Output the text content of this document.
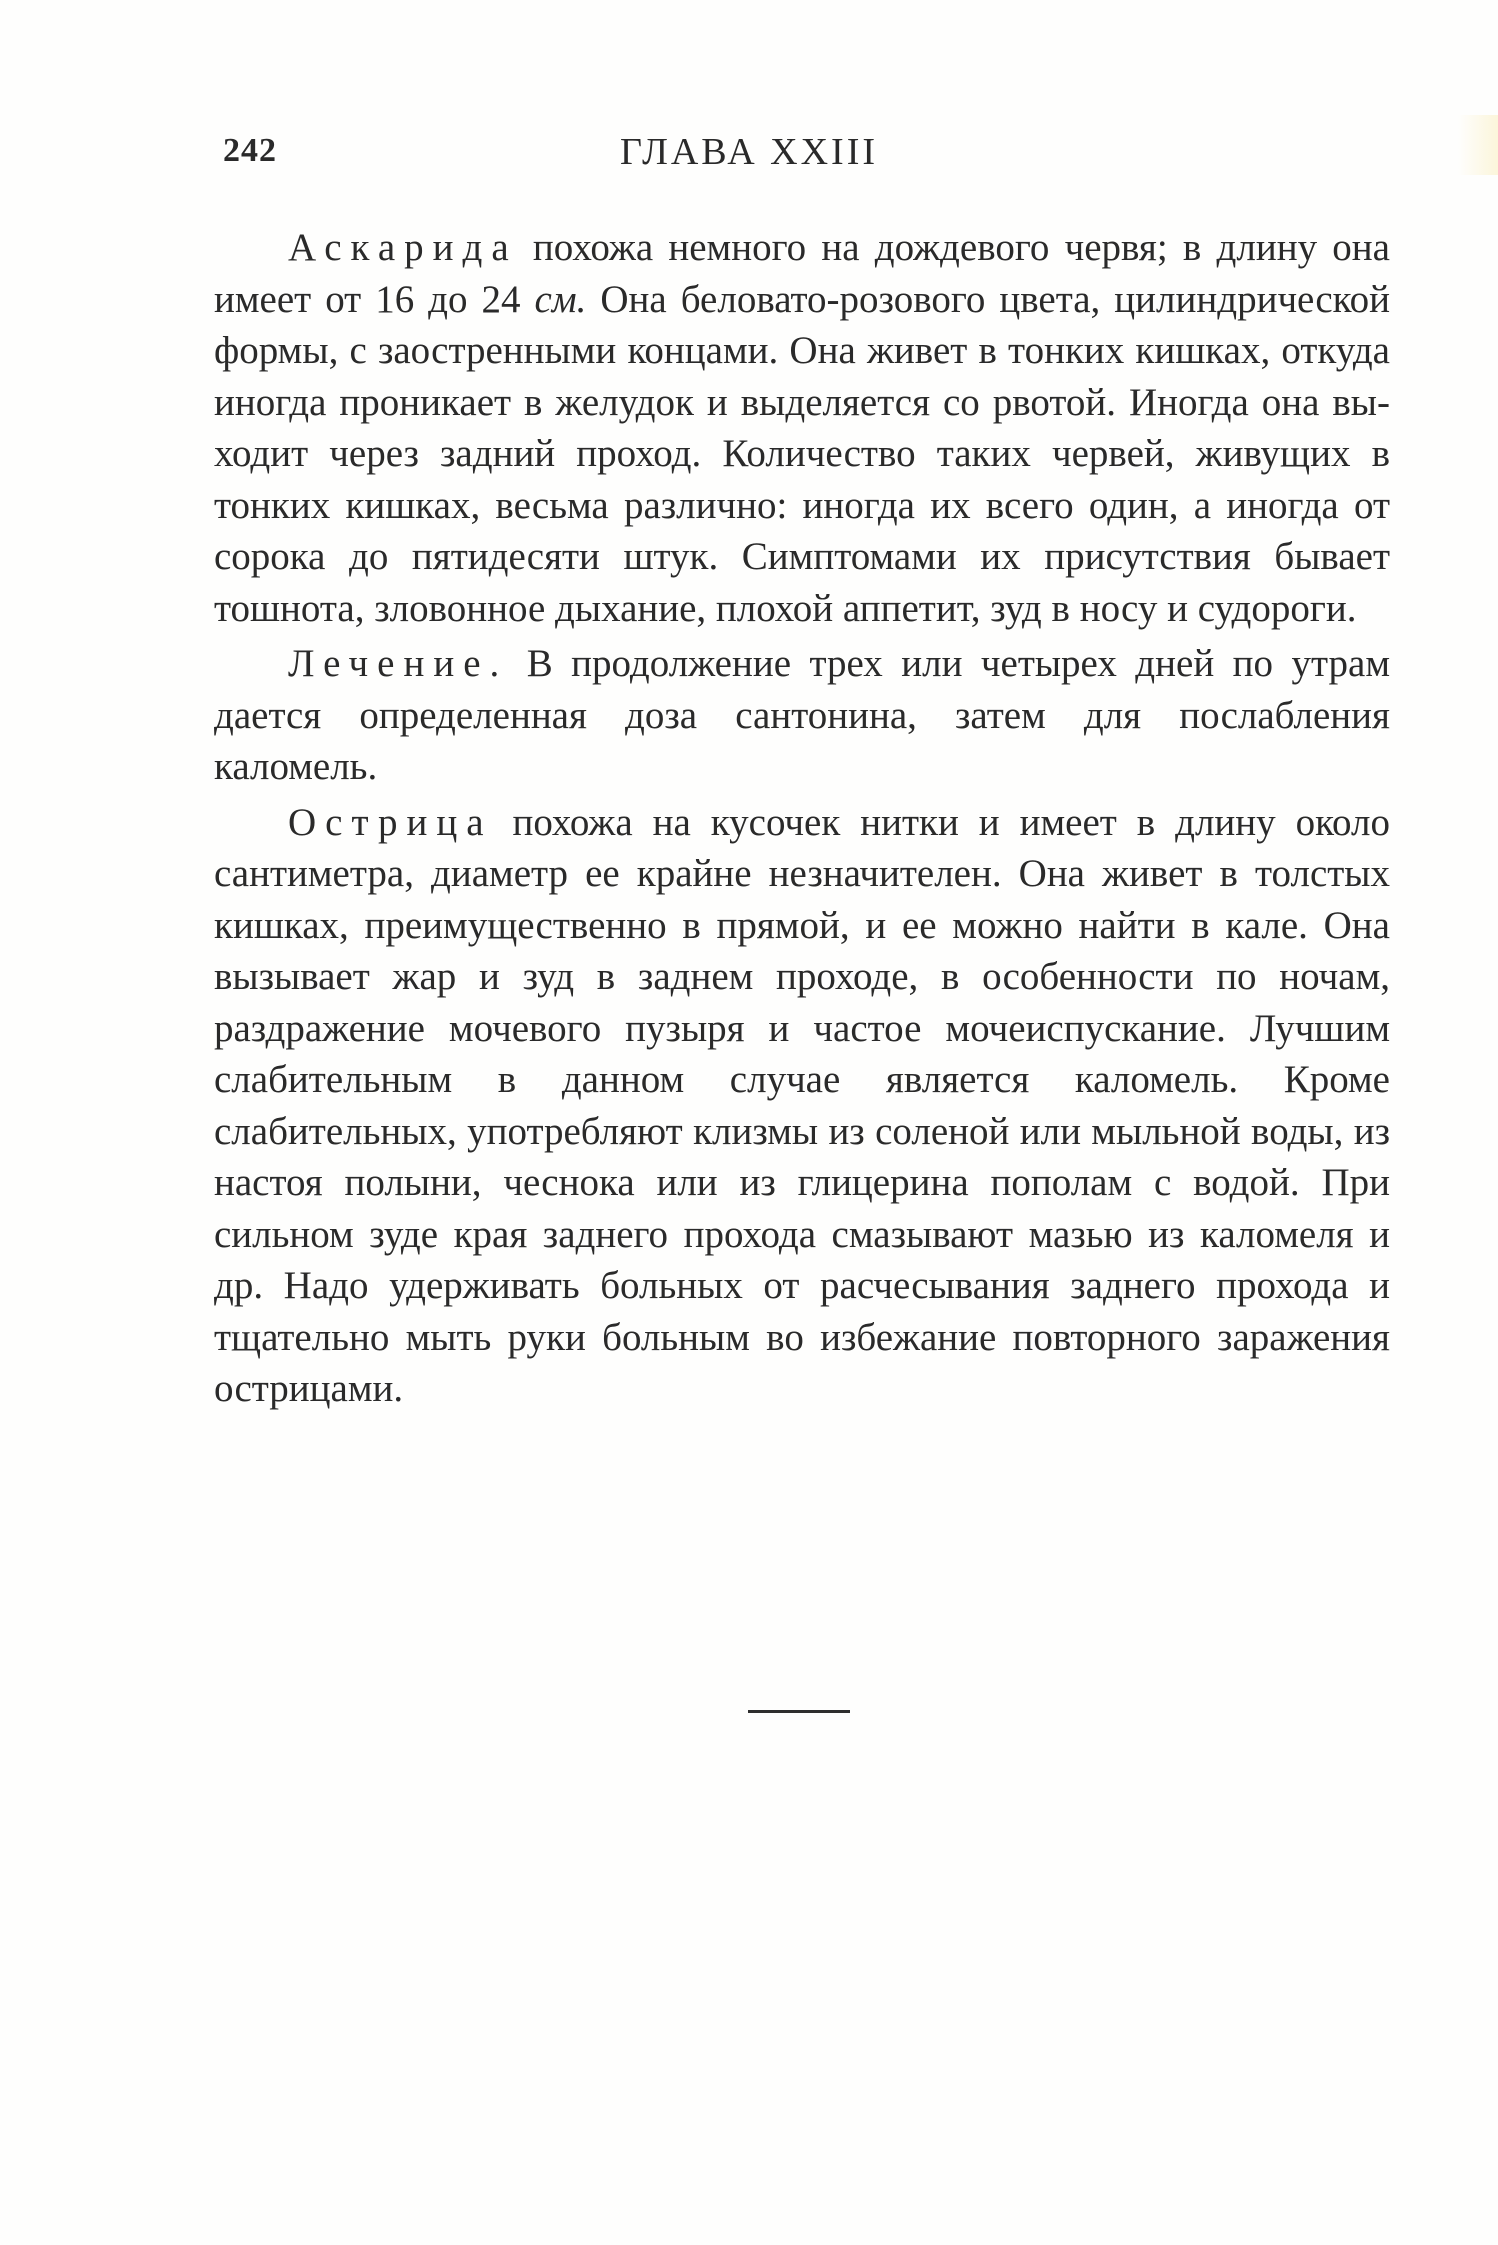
242	ГЛАВА XXIII

Аскарида похожа немного на дождевого червя; в длину она имеет от 16 до 24 см. Она беловато-розового цвета, цилиндрической формы, с заостренными концами. Она живет в тонких кишках, откуда иногда проникает в желудок и выделяется со рвотой. Иногда она выходит через задний проход. Количество таких червей, живущих в тонких кишках, весьма различно: иногда их всего один, а иногда от сорока до пятидесяти штук. Симптомами их присутствия бывает тошнота, зловонное дыхание, плохой аппетит, зуд в носу и судороги.

Лечение. В продолжение трех или четырех дней по утрам дается определенная доза сантонина, затем для послабления каломель.

Острица похожа на кусочек нитки и имеет в длину около сантиметра, диаметр ее крайне незначителен. Она живет в толстых кишках, преимущественно в прямой, и ее можно найти в кале. Она вызывает жар и зуд в заднем проходе, в особенности по ночам, раздражение мочевого пузыря и частое мочеиспускание. Лучшим слабительным в данном случае является каломель. Кроме слабительных, употребляют клизмы из соленой или мыльной воды, из настоя полыни, чеснока или из глицерина пополам с водой. При сильном зуде края заднего прохода смазывают мазью из каломеля и др. Надо удерживать больных от расчесывания заднего прохода и тщательно мыть руки больным во избежание повторного заражения острицами.
